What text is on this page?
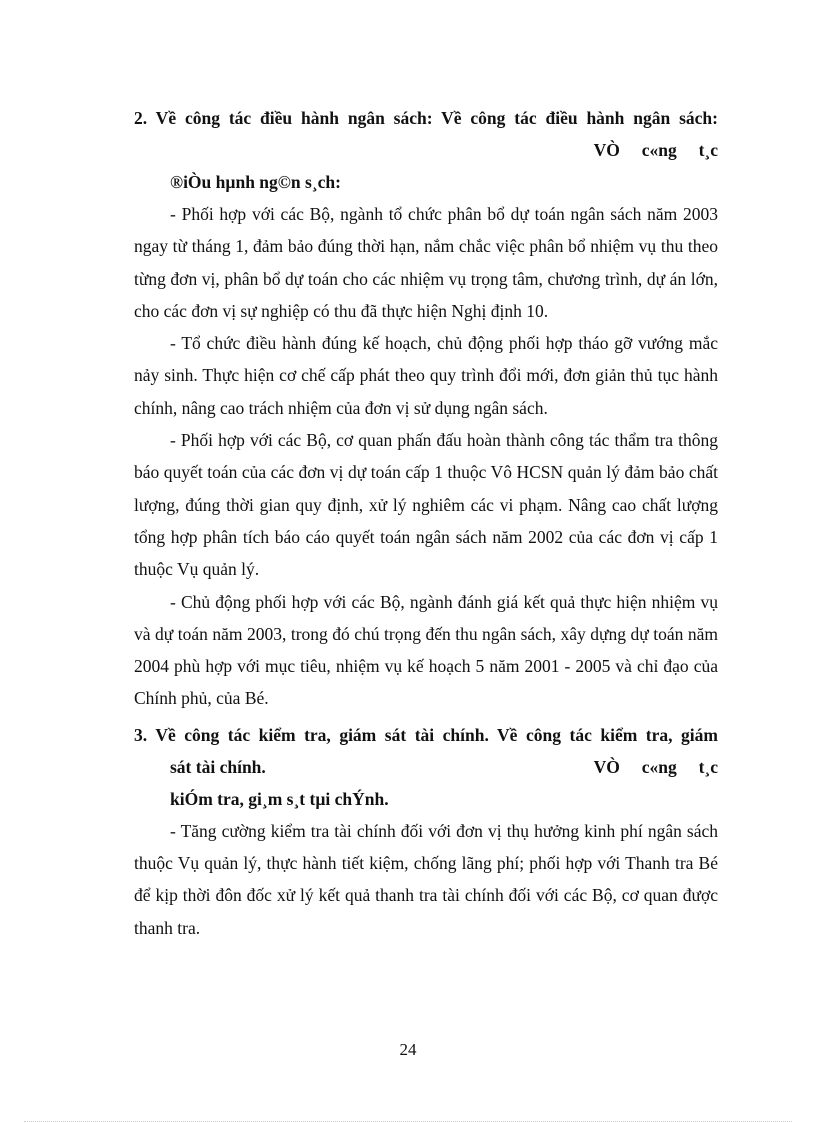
2. Về công tác điều hành ngân sách: Về công tác điều hành ngân sách:
VÒ     c«ng     t¸c
®iÒu hµnh ng©n s¸ch:

- Phối hợp với các Bộ, ngành tổ chức phân bổ dự toán ngân sách năm 2003 ngay từ tháng 1, đảm bảo đúng thời hạn, nắm chắc việc phân bổ nhiệm vụ thu theo từng đơn vị, phân bổ dự toán cho các nhiệm vụ trọng tâm, chương trình, dự án lớn, cho các đơn vị sự nghiệp có thu đã thực hiện Nghị định 10.

- Tổ chức điều hành đúng kế hoạch, chủ động phối hợp tháo gỡ vướng mắc nảy sinh. Thực hiện cơ chế cấp phát theo quy trình đổi mới, đơn giản thủ tục hành chính, nâng cao trách nhiệm của đơn vị sử dụng ngân sách.

- Phối hợp với các Bộ, cơ quan phấn đấu hoàn thành công tác thẩm tra thông báo quyết toán của các đơn vị dự toán cấp 1 thuộc Vô HCSN quản lý đảm bảo chất lượng, đúng thời gian quy định, xử lý nghiêm các vi phạm. Nâng cao chất lượng tổng hợp phân tích báo cáo quyết toán ngân sách năm 2002 của các đơn vị cấp 1 thuộc Vụ quản lý.

- Chủ động phối hợp với các Bộ, ngành đánh giá kết quả thực hiện nhiệm vụ và dự toán năm 2003, trong đó chú trọng đến thu ngân sách, xây dựng dự toán năm 2004 phù hợp với mục tiêu, nhiệm vụ kế hoạch 5 năm 2001 - 2005 và chỉ đạo của Chính phủ, của Bé.

3. Về công tác kiểm tra, giám sát tài chính. Về công tác kiểm tra, giám
sát tài chính.	VÒ     c«ng     t¸c
kiÓm tra, gi¸m s¸t tµi chÝnh.

- Tăng cường kiểm tra tài chính đối với đơn vị thụ hưởng kinh phí ngân sách thuộc Vụ quản lý, thực hành tiết kiệm, chống lãng phí; phối hợp với Thanh tra Bé để kịp thời đôn đốc xử lý kết quả thanh tra tài chính đối với các Bộ, cơ quan được thanh tra.

24
